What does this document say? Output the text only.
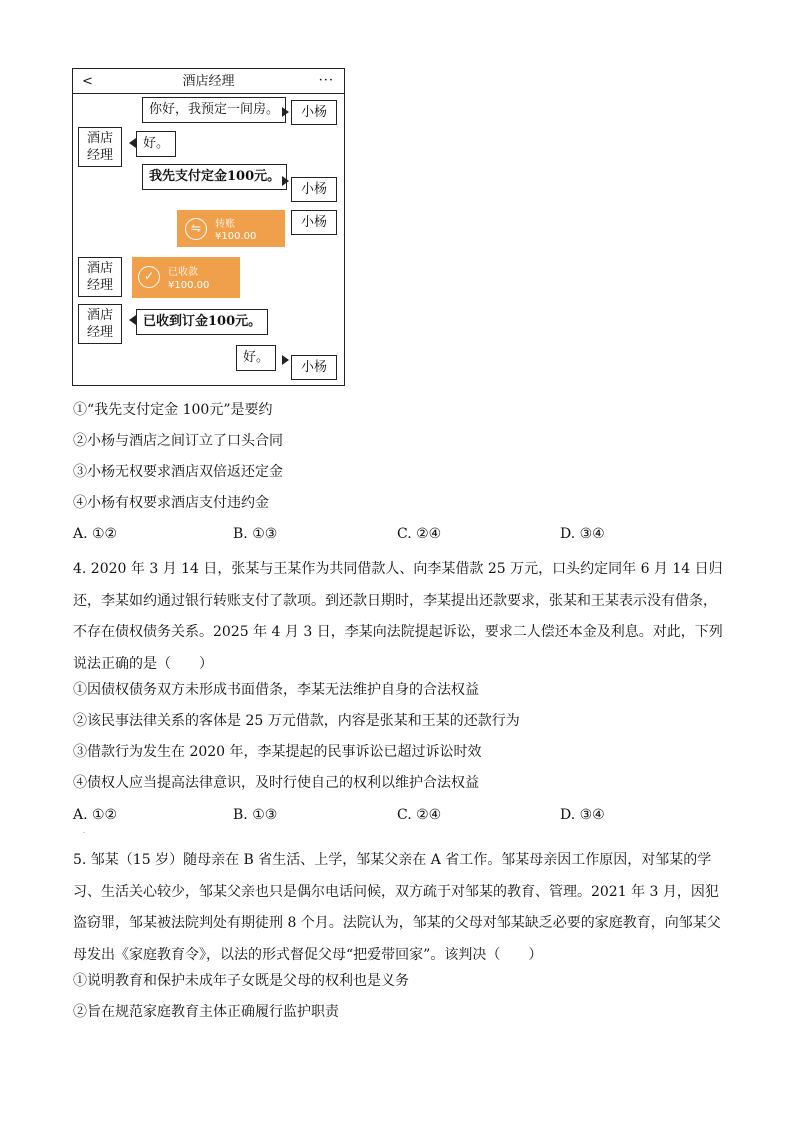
酒店经理
<	···
你好，我预定一间房。	小杨
酒店经理
好。
我先支付定金100元。
小杨
⇋	转账
¥100.00
小杨
酒店经理
✓	已收款
¥100.00
酒店经理
已收到订金100元。
好。
小杨
①“我先支付定金 100元”是要约
②小杨与酒店之间订立了口头合同
③小杨无权要求酒店双倍返还定金
④小杨有权要求酒店支付违约金
A. ①②	B. ①③	C. ②④	D. ③④
4. 2020 年 3 月 14 日，张某与王某作为共同借款人、向李某借款 25 万元，口头约定同年 6 月 14 日归还，李某如约通过银行转账支付了款项。到还款日期时，李某提出还款要求，张某和王某表示没有借条，不存在债权债务关系。2025 年 4 月 3 日，李某向法院提起诉讼，要求二人偿还本金及利息。对此，下列说法正确的是（　　）
①因债权债务双方未形成书面借条，李某无法维护自身的合法权益
②该民事法律关系的客体是 25 万元借款，内容是张某和王某的还款行为
③借款行为发生在 2020 年，李某提起的民事诉讼已超过诉讼时效
④债权人应当提高法律意识，及时行使自己的权利以维护合法权益
A. ①②	B. ①③	C. ②④	D. ③④
.
5. 邹某（15 岁）随母亲在 B 省生活、上学，邹某父亲在 A 省工作。邹某母亲因工作原因，对邹某的学习、生活关心较少，邹某父亲也只是偶尔电话问候，双方疏于对邹某的教育、管理。2021 年 3 月，因犯盗窃罪，邹某被法院判处有期徒刑 8 个月。法院认为，邹某的父母对邹某缺乏必要的家庭教育，向邹某父母发出《家庭教育令》，以法的形式督促父母“把爱带回家”。该判决（　　）
①说明教育和保护未成年子女既是父母的权利也是义务
②旨在规范家庭教育主体正确履行监护职责
